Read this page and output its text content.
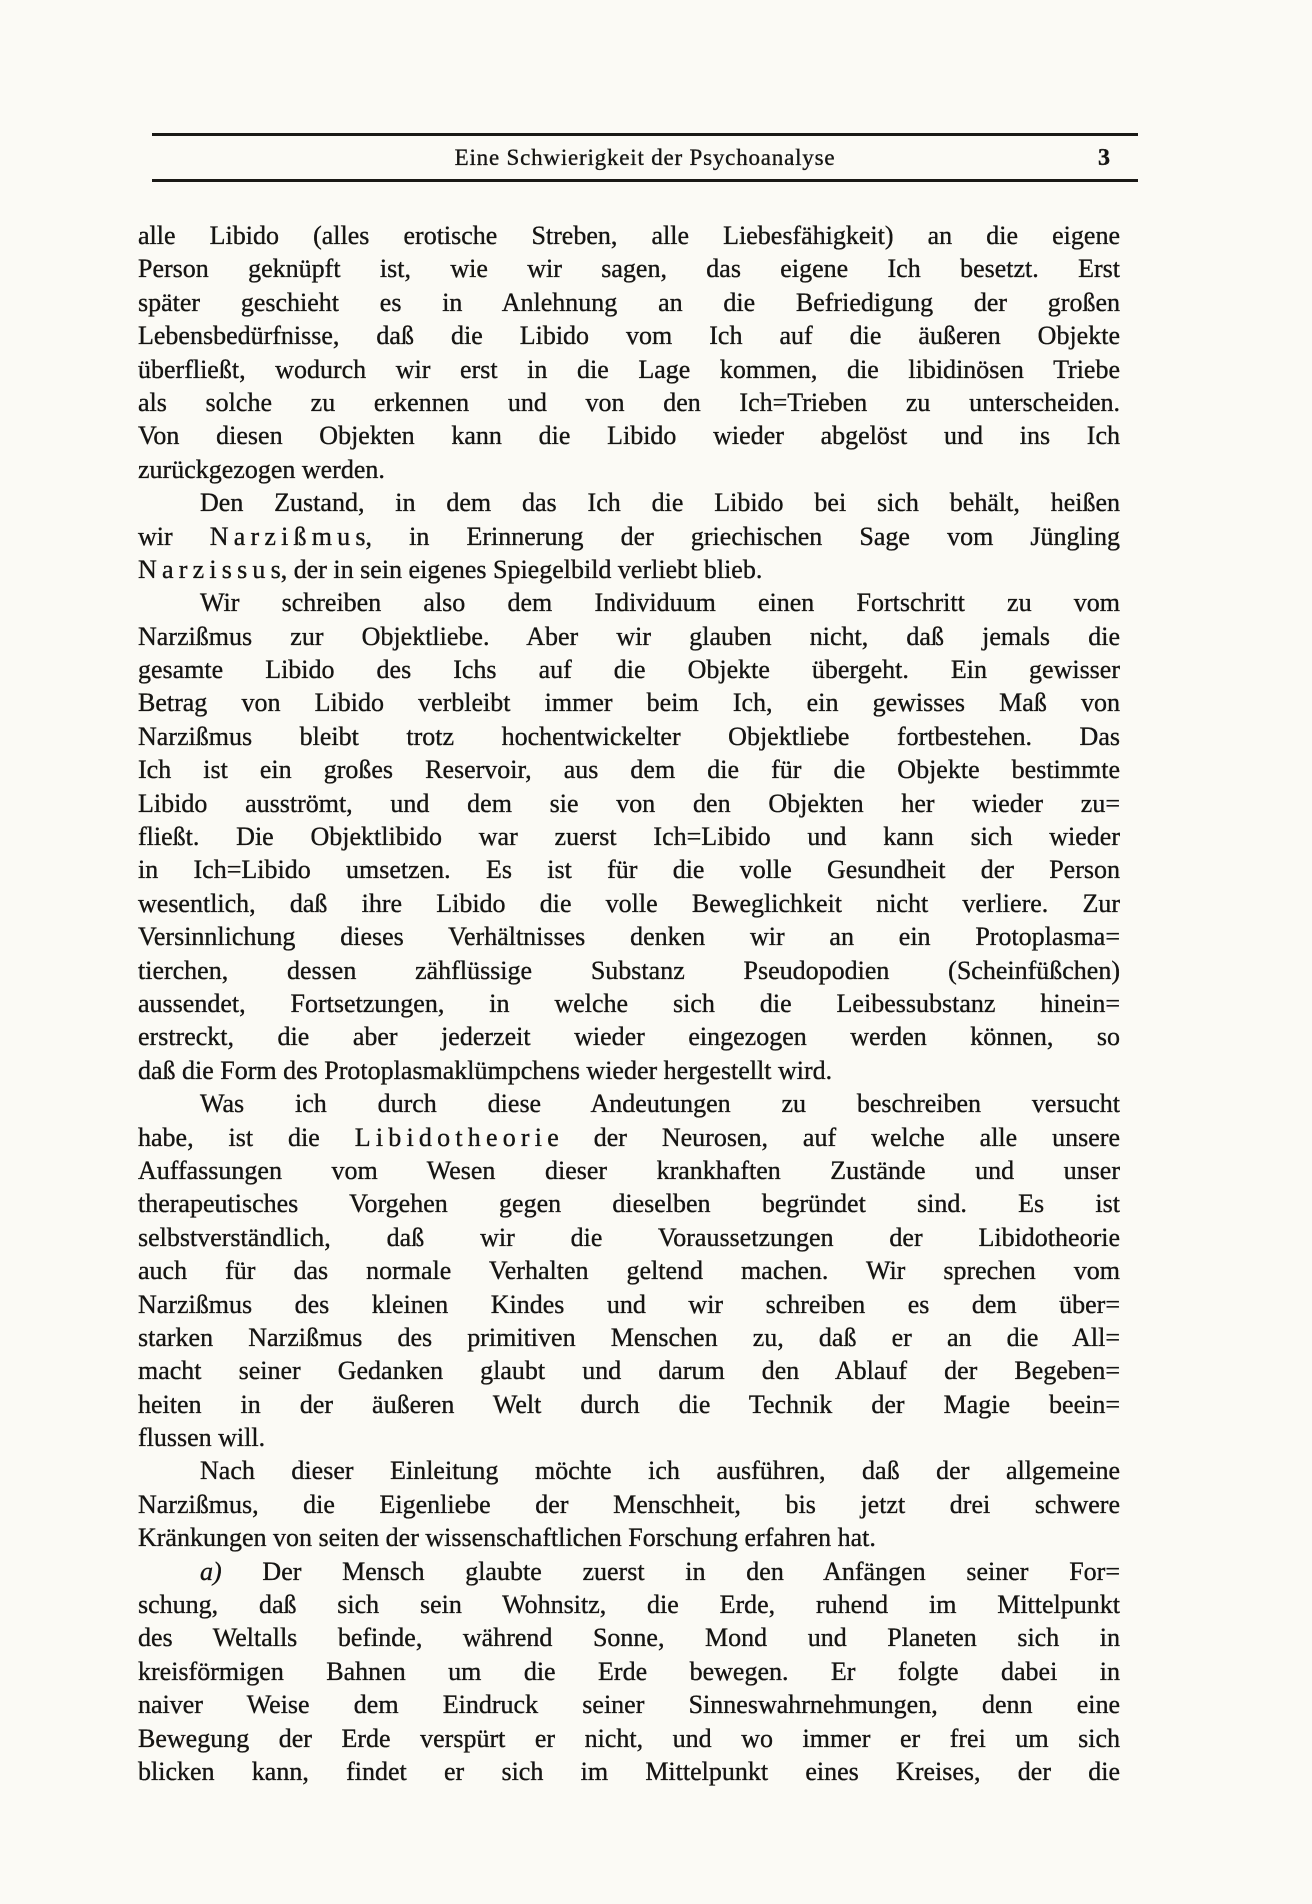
Eine Schwierigkeit der Psychoanalyse	3
alle Libido (alles erotische Streben, alle Liebesfähigkeit) an die eigene
Person geknüpft ist, wie wir sagen, das eigene Ich besetzt. Erst
später geschieht es in Anlehnung an die Befriedigung der großen
Lebensbedürfnisse, daß die Libido vom Ich auf die äußeren Objekte
überfließt, wodurch wir erst in die Lage kommen, die libidinösen Triebe
als solche zu erkennen und von den Ich=Trieben zu unterscheiden.
Von diesen Objekten kann die Libido wieder abgelöst und ins Ich
zurückgezogen werden.
Den Zustand, in dem das Ich die Libido bei sich behält, heißen
wir N a r z i ß m u s, in Erinnerung der griechischen Sage vom Jüngling
N a r z i s s u s, der in sein eigenes Spiegelbild verliebt blieb.
Wir schreiben also dem Individuum einen Fortschritt zu vom
Narzißmus zur Objektliebe. Aber wir glauben nicht, daß jemals die
gesamte Libido des Ichs auf die Objekte übergeht. Ein gewisser
Betrag von Libido verbleibt immer beim Ich, ein gewisses Maß von
Narzißmus bleibt trotz hochentwickelter Objektliebe fortbestehen. Das
Ich ist ein großes Reservoir, aus dem die für die Objekte bestimmte
Libido ausströmt, und dem sie von den Objekten her wieder zu=
fließt. Die Objektlibido war zuerst Ich=Libido und kann sich wieder
in Ich=Libido umsetzen. Es ist für die volle Gesundheit der Person
wesentlich, daß ihre Libido die volle Beweglichkeit nicht verliere. Zur
Versinnlichung dieses Verhältnisses denken wir an ein Protoplasma=
tierchen, dessen zähflüssige Substanz Pseudopodien (Scheinfüßchen)
aussendet, Fortsetzungen, in welche sich die Leibessubstanz hinein=
erstreckt, die aber jederzeit wieder eingezogen werden können, so
daß die Form des Protoplasmaklümpchens wieder hergestellt wird.
Was ich durch diese Andeutungen zu beschreiben versucht
habe, ist die L i b i d o t h e o r i e der Neurosen, auf welche alle unsere
Auffassungen vom Wesen dieser krankhaften Zustände und unser
therapeutisches Vorgehen gegen dieselben begründet sind. Es ist
selbstverständlich, daß wir die Voraussetzungen der Libidotheorie
auch für das normale Verhalten geltend machen. Wir sprechen vom
Narzißmus des kleinen Kindes und wir schreiben es dem über=
starken Narzißmus des primitiven Menschen zu, daß er an die All=
macht seiner Gedanken glaubt und darum den Ablauf der Begeben=
heiten in der äußeren Welt durch die Technik der Magie beein=
flussen will.
Nach dieser Einleitung möchte ich ausführen, daß der allgemeine
Narzißmus, die Eigenliebe der Menschheit, bis jetzt drei schwere
Kränkungen von seiten der wissenschaftlichen Forschung erfahren hat.
a) Der Mensch glaubte zuerst in den Anfängen seiner For=
schung, daß sich sein Wohnsitz, die Erde, ruhend im Mittelpunkt
des Weltalls befinde, während Sonne, Mond und Planeten sich in
kreisförmigen Bahnen um die Erde bewegen. Er folgte dabei in
naiver Weise dem Eindruck seiner Sinneswahrnehmungen, denn eine
Bewegung der Erde verspürt er nicht, und wo immer er frei um sich
blicken kann, findet er sich im Mittelpunkt eines Kreises, der die
